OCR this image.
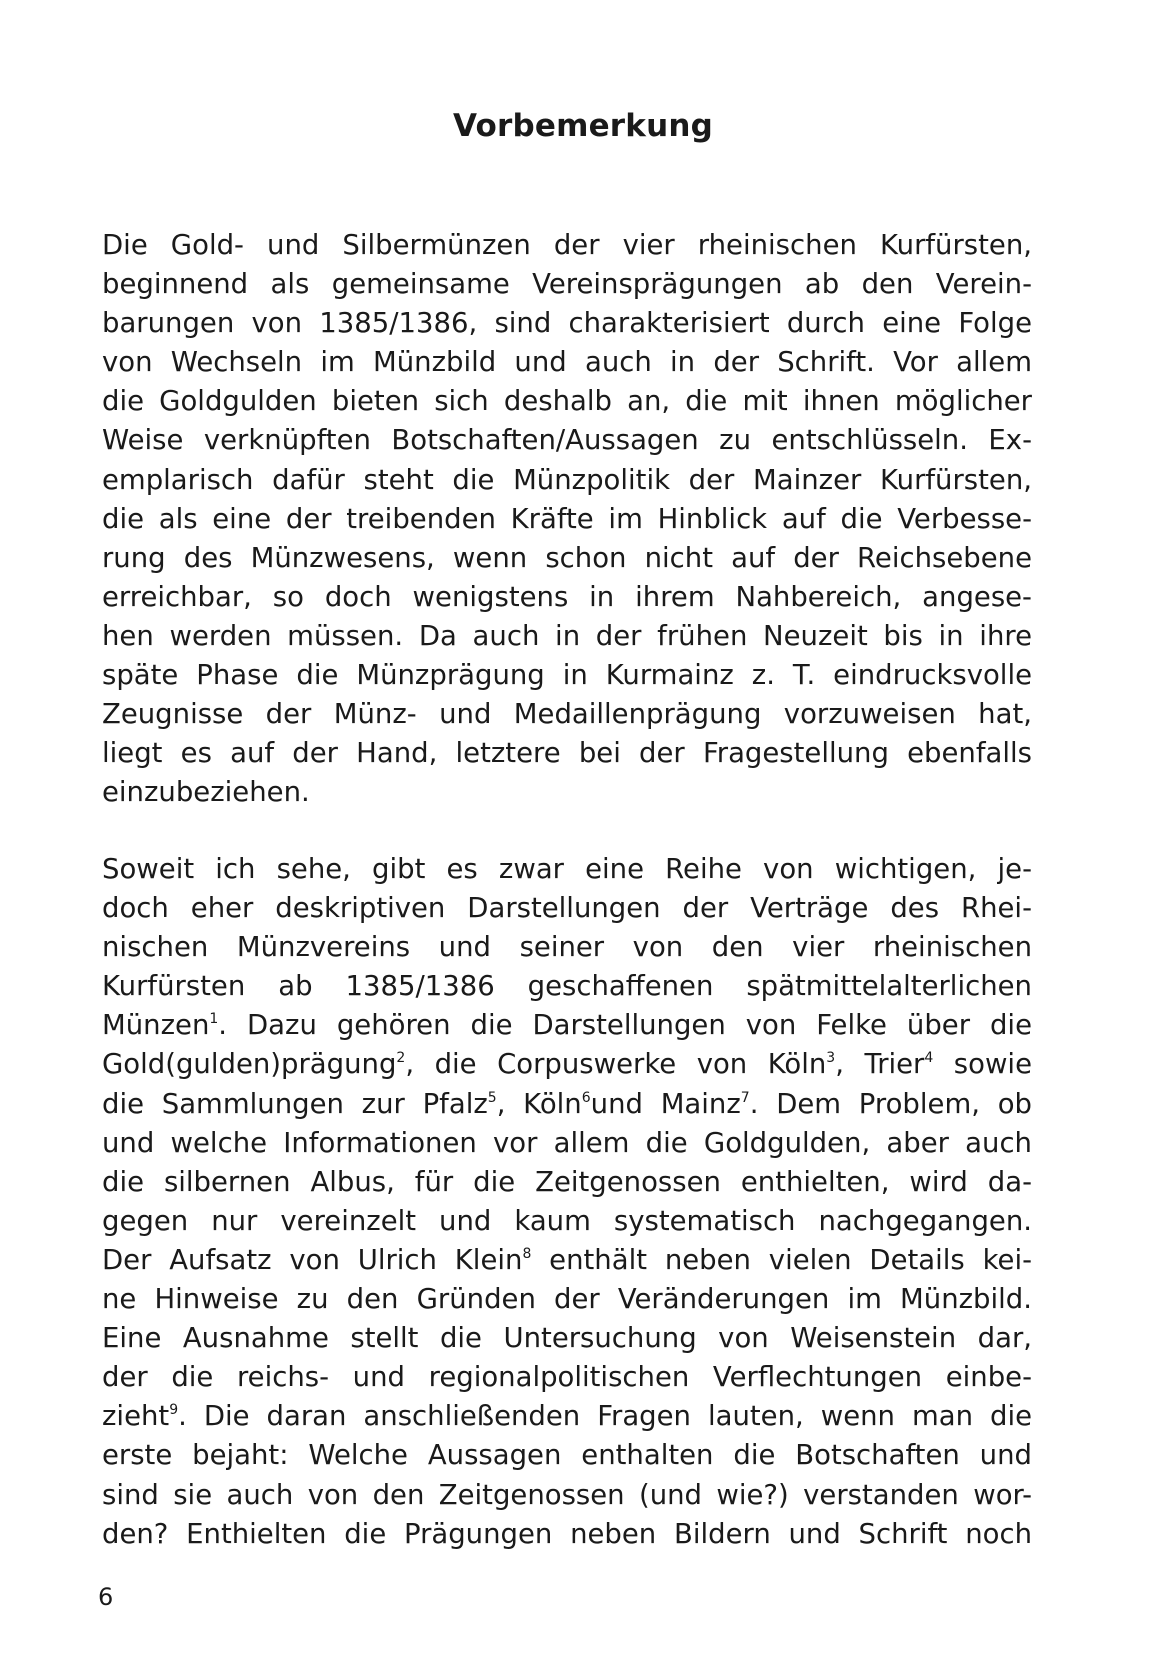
Vorbemerkung
Die Gold- und Silbermünzen der vier rheinischen Kurfürsten,
beginnend als gemeinsame Vereinsprägungen ab den Verein-
barungen von 1385/1386, sind charakterisiert durch eine Folge
von Wechseln im Münzbild und auch in der Schrift. Vor allem
die Goldgulden bieten sich deshalb an, die mit ihnen möglicher
Weise verknüpften Botschaften/Aussagen zu entschlüsseln. Ex-
emplarisch dafür steht die Münzpolitik der Mainzer Kurfürsten,
die als eine der treibenden Kräfte im Hinblick auf die Verbesse-
rung des Münzwesens, wenn schon nicht auf der Reichsebene
erreichbar, so doch wenigstens in ihrem Nahbereich, angese-
hen werden müssen. Da auch in der frühen Neuzeit bis in ihre
späte Phase die Münzprägung in Kurmainz z. T. eindrucksvolle
Zeugnisse der Münz- und Medaillenprägung vorzuweisen hat,
liegt es auf der Hand, letztere bei der Fragestellung ebenfalls
einzubeziehen.
Soweit ich sehe, gibt es zwar eine Reihe von wichtigen, je-
doch eher deskriptiven Darstellungen der Verträge des Rhei-
nischen Münzvereins und seiner von den vier rheinischen
Kurfürsten ab 1385/1386 geschaffenen spätmittelalterlichen
Münzen$^1$. Dazu gehören die Darstellungen von Felke über die
Gold(gulden)prägung$^2$, die Corpuswerke von Köln$^3$, Trier$^4$ sowie
die Sammlungen zur Pfalz$^5$, Köln$^6$und Mainz$^7$. Dem Problem, ob
und welche Informationen vor allem die Goldgulden, aber auch
die silbernen Albus, für die Zeitgenossen enthielten, wird da-
gegen nur vereinzelt und kaum systematisch nachgegangen.
Der Aufsatz von Ulrich Klein$^8$ enthält neben vielen Details kei-
ne Hinweise zu den Gründen der Veränderungen im Münzbild.
Eine Ausnahme stellt die Untersuchung von Weisenstein dar,
der die reichs- und regionalpolitischen Verflechtungen einbe-
zieht$^9$. Die daran anschließenden Fragen lauten, wenn man die
erste bejaht: Welche Aussagen enthalten die Botschaften und
sind sie auch von den Zeitgenossen (und wie?) verstanden wor-
den? Enthielten die Prägungen neben Bildern und Schrift noch
6
